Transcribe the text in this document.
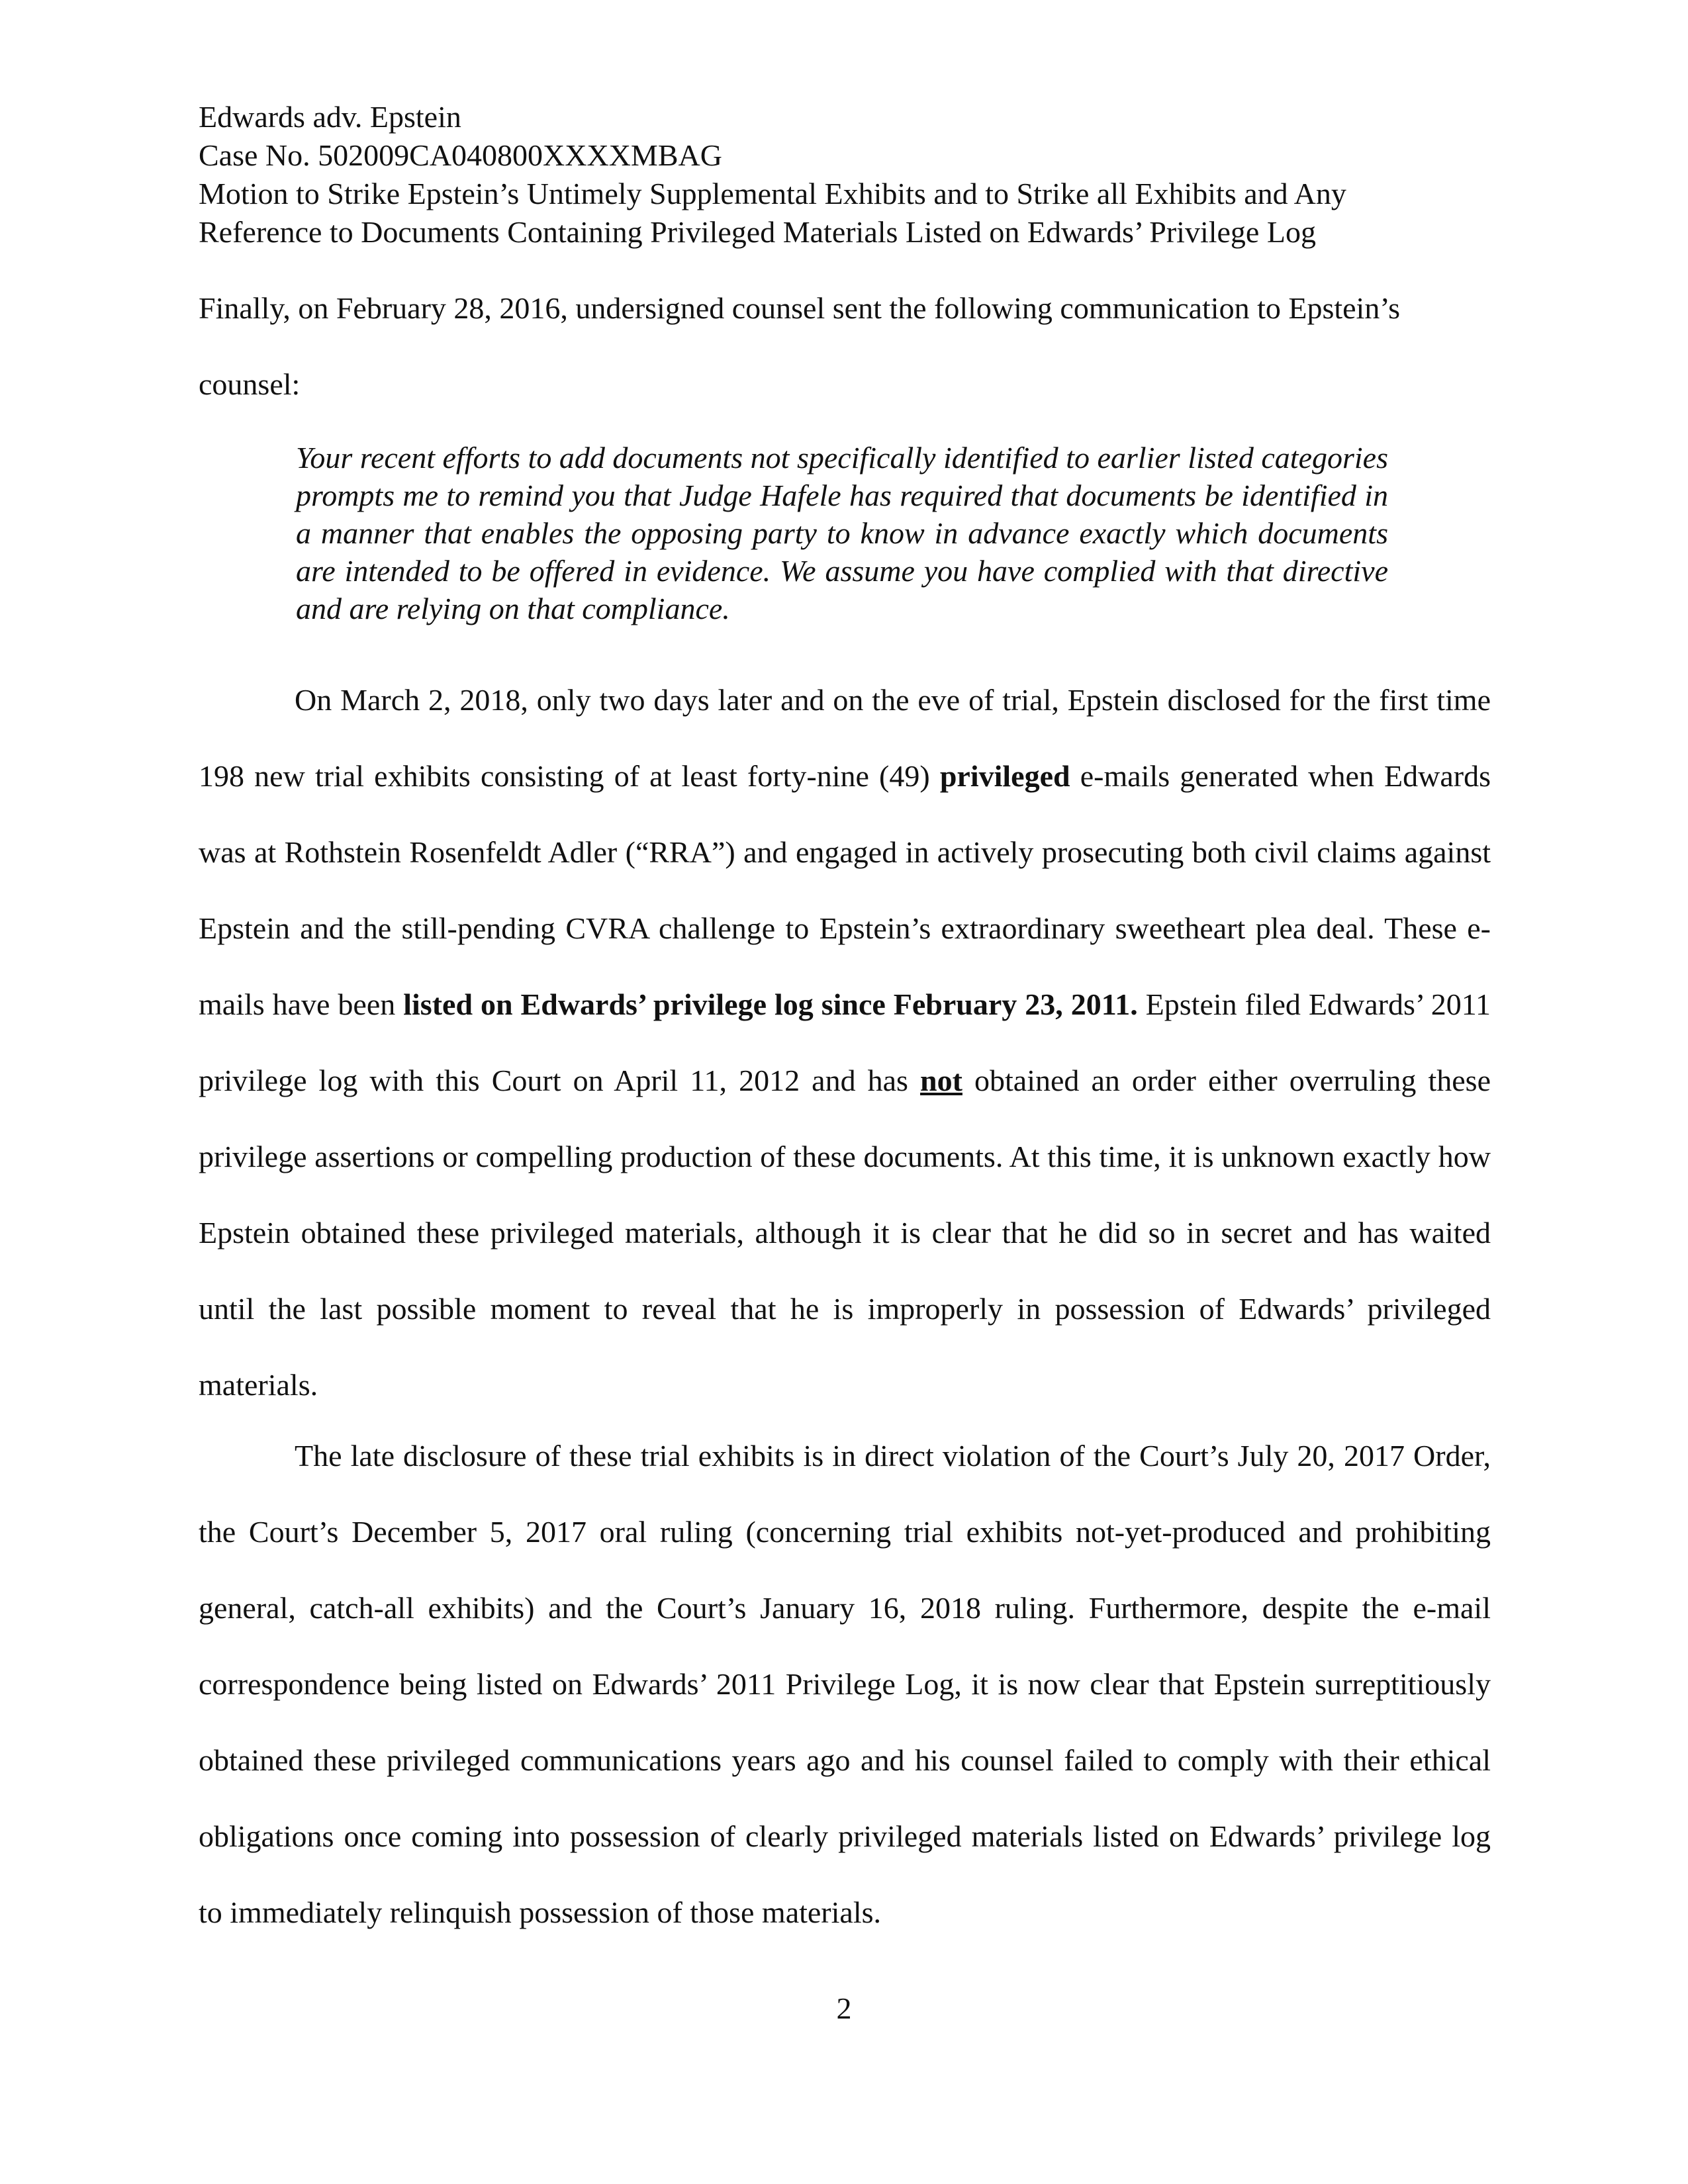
Edwards adv. Epstein
Case No. 502009CA040800XXXXMBAG
Motion to Strike Epstein’s Untimely Supplemental Exhibits and to Strike all Exhibits and Any
Reference to Documents Containing Privileged Materials Listed on Edwards’ Privilege Log
Finally, on February 28, 2016, undersigned counsel sent the following communication to Epstein’s counsel:
Your recent efforts to add documents not specifically identified to earlier listed categories prompts me to remind you that Judge Hafele has required that documents be identified in a manner that enables the opposing party to know in advance exactly which documents are intended to be offered in evidence. We assume you have complied with that directive and are relying on that compliance.
On March 2, 2018, only two days later and on the eve of trial, Epstein disclosed for the first time 198 new trial exhibits consisting of at least forty-nine (49) privileged e-mails generated when Edwards was at Rothstein Rosenfeldt Adler (“RRA”) and engaged in actively prosecuting both civil claims against Epstein and the still-pending CVRA challenge to Epstein’s extraordinary sweetheart plea deal. These e-mails have been listed on Edwards’ privilege log since February 23, 2011. Epstein filed Edwards’ 2011 privilege log with this Court on April 11, 2012 and has not obtained an order either overruling these privilege assertions or compelling production of these documents. At this time, it is unknown exactly how Epstein obtained these privileged materials, although it is clear that he did so in secret and has waited until the last possible moment to reveal that he is improperly in possession of Edwards’ privileged materials.
The late disclosure of these trial exhibits is in direct violation of the Court’s July 20, 2017 Order, the Court’s December 5, 2017 oral ruling (concerning trial exhibits not-yet-produced and prohibiting general, catch-all exhibits) and the Court’s January 16, 2018 ruling. Furthermore, despite the e-mail correspondence being listed on Edwards’ 2011 Privilege Log, it is now clear that Epstein surreptitiously obtained these privileged communications years ago and his counsel failed to comply with their ethical obligations once coming into possession of clearly privileged materials listed on Edwards’ privilege log to immediately relinquish possession of those materials.
2
